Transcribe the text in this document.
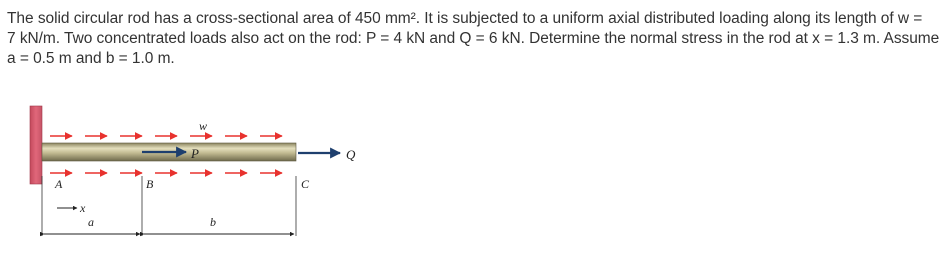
The solid circular rod has a cross-sectional area of 450 mm². It is subjected to a uniform axial distributed loading along its length of w =
7 kN/m. Two concentrated loads also act on the rod: P = 4 kN and Q = 6 kN. Determine the normal stress in the rod at x = 1.3 m. Assume
a = 0.5 m and b = 1.0 m.
P	Q
w
A	B	C
x
a	b
